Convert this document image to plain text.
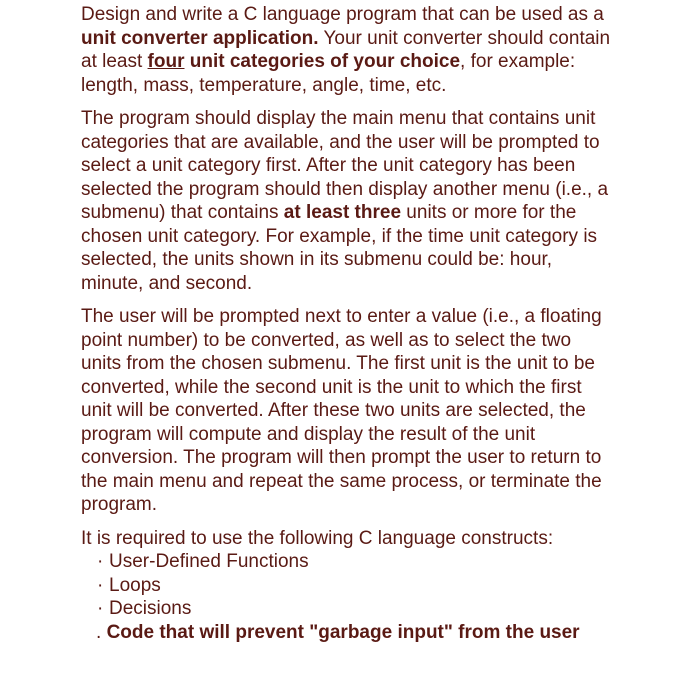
Design and write a C language program that can be used as a unit converter application. Your unit converter should contain at least four unit categories of your choice, for example: length, mass, temperature, angle, time, etc.

The program should display the main menu that contains unit categories that are available, and the user will be prompted to select a unit category first. After the unit category has been selected the program should then display another menu (i.e., a submenu) that contains at least three units or more for the chosen unit category. For example, if the time unit category is selected, the units shown in its submenu could be: hour, minute, and second.

The user will be prompted next to enter a value (i.e., a floating point number) to be converted, as well as to select the two units from the chosen submenu. The first unit is the unit to be converted, while the second unit is the unit to which the first unit will be converted. After these two units are selected, the program will compute and display the result of the unit conversion. The program will then prompt the user to return to the main menu and repeat the same process, or terminate the program.

It is required to use the following C language constructs:
· User-Defined Functions
· Loops
· Decisions
. Code that will prevent "garbage input" from the user
